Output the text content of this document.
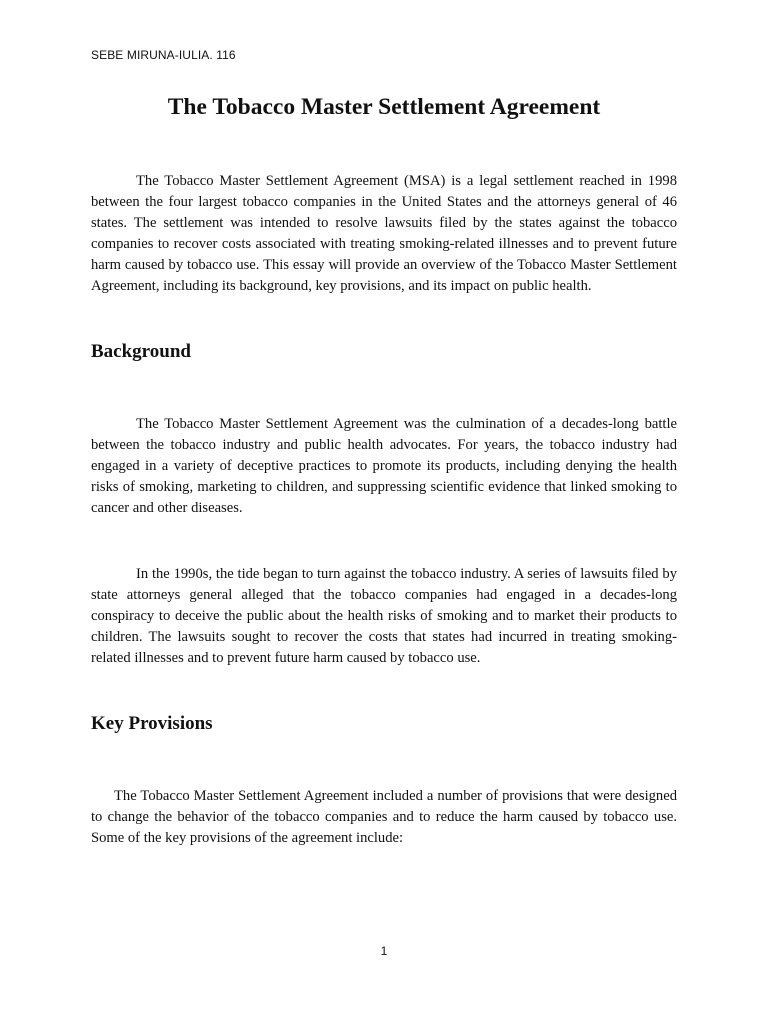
SEBE MIRUNA-IULIA. 116
The Tobacco Master Settlement Agreement

The Tobacco Master Settlement Agreement (MSA) is a legal settlement reached in 1998 between the four largest tobacco companies in the United States and the attorneys general of 46 states. The settlement was intended to resolve lawsuits filed by the states against the tobacco companies to recover costs associated with treating smoking-related illnesses and to prevent future harm caused by tobacco use. This essay will provide an overview of the Tobacco Master Settlement Agreement, including its background, key provisions, and its impact on public health.

Background

The Tobacco Master Settlement Agreement was the culmination of a decades-long battle between the tobacco industry and public health advocates. For years, the tobacco industry had engaged in a variety of deceptive practices to promote its products, including denying the health risks of smoking, marketing to children, and suppressing scientific evidence that linked smoking to cancer and other diseases.

In the 1990s, the tide began to turn against the tobacco industry. A series of lawsuits filed by state attorneys general alleged that the tobacco companies had engaged in a decades-long conspiracy to deceive the public about the health risks of smoking and to market their products to children. The lawsuits sought to recover the costs that states had incurred in treating smoking-related illnesses and to prevent future harm caused by tobacco use.

Key Provisions

The Tobacco Master Settlement Agreement included a number of provisions that were designed to change the behavior of the tobacco companies and to reduce the harm caused by tobacco use. Some of the key provisions of the agreement include:

1
